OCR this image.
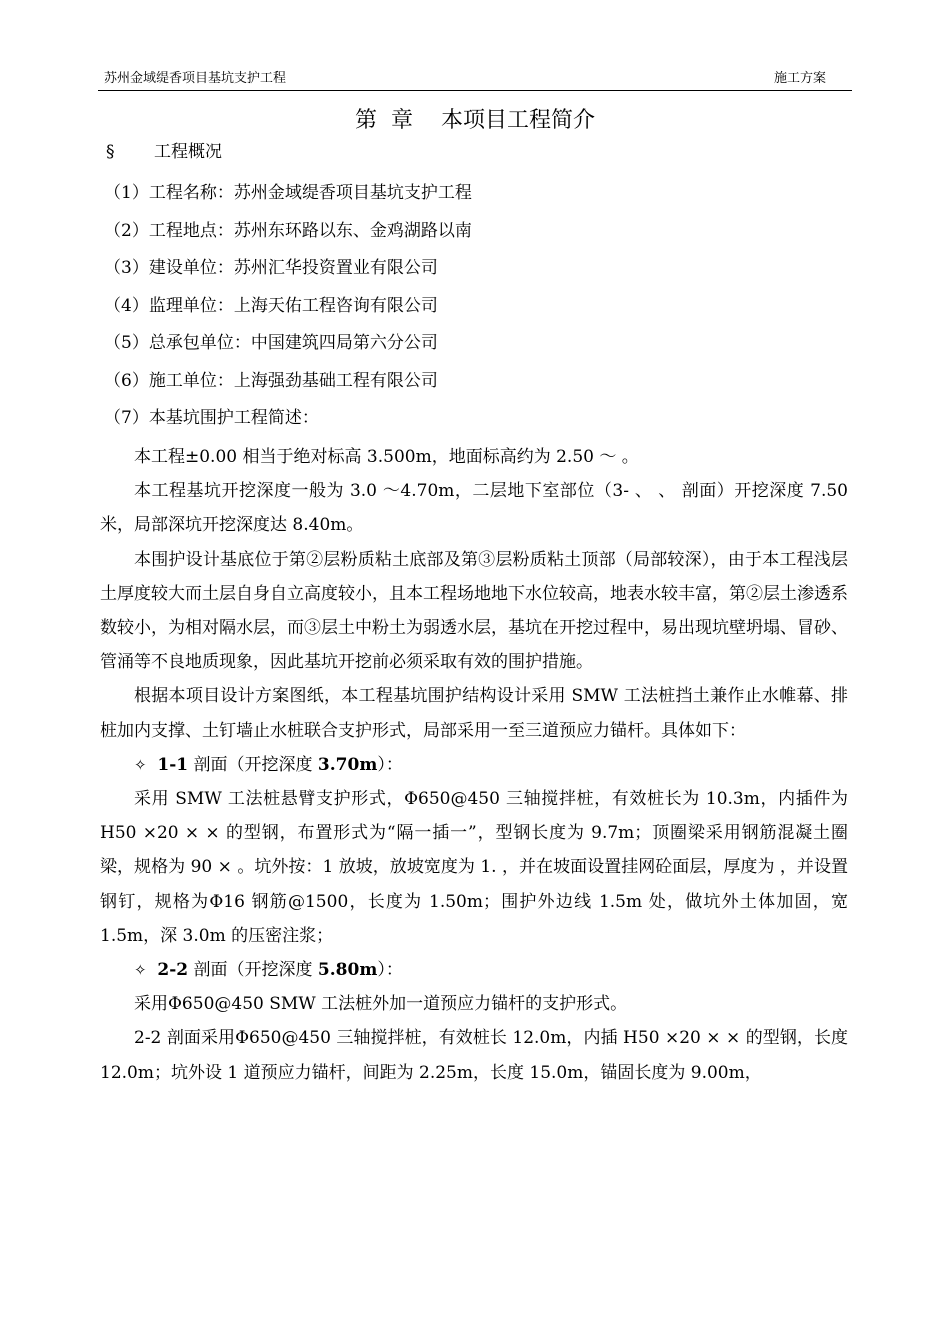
苏州金域缇香项目基坑支护工程	施工方案
第  章    本项目工程简介
§ 工程概况
（1）工程名称：苏州金域缇香项目基坑支护工程
（2）工程地点：苏州东环路以东、金鸡湖路以南
（3）建设单位：苏州汇华投资置业有限公司
（4）监理单位：上海天佑工程咨询有限公司
（5）总承包单位：中国建筑四局第六分公司
（6）施工单位：上海强劲基础工程有限公司
（7）本基坑围护工程简述：

本工程±0.00 相当于绝对标高 3.500m，地面标高约为 2.50 ～ 。

本工程基坑开挖深度一般为 3.0 ～4.70m，二层地下室部位（3- 、 、 剖面）开挖深度 7.50 米，局部深坑开挖深度达 8.40m。

本围护设计基底位于第②层粉质粘土底部及第③层粉质粘土顶部（局部较深），由于本工程浅层土厚度较大而土层自身自立高度较小，且本工程场地地下水位较高，地表水较丰富，第②层土渗透系数较小，为相对隔水层，而③层土中粉土为弱透水层，基坑在开挖过程中，易出现坑壁坍塌、冒砂、管涌等不良地质现象，因此基坑开挖前必须采取有效的围护措施。

根据本项目设计方案图纸，本工程基坑围护结构设计采用 SMW 工法桩挡土兼作止水帷幕、排桩加内支撑、土钉墙止水桩联合支护形式，局部采用一至三道预应力锚杆。具体如下：

✧ 1-1 剖面（开挖深度 3.70m）：

采用 SMW 工法桩悬臂支护形式，Φ650@450 三轴搅拌桩，有效桩长为 10.3m，内插件为 H50 ×20 × × 的型钢，布置形式为“隔一插一”，型钢长度为 9.7m；顶圈梁采用钢筋混凝土圈梁，规格为 90 × 。坑外按：1 放坡，放坡宽度为 1. ，并在坡面设置挂网砼面层，厚度为 ，并设置钢钉，规格为Φ16 钢筋@1500，长度为 1.50m；围护外边线 1.5m 处，做坑外土体加固，宽 1.5m，深 3.0m 的压密注浆；

✧ 2-2 剖面（开挖深度 5.80m）：

采用Φ650@450 SMW 工法桩外加一道预应力锚杆的支护形式。

2-2 剖面采用Φ650@450 三轴搅拌桩，有效桩长 12.0m，内插 H50 ×20 × × 的型钢，长度 12.0m；坑外设 1 道预应力锚杆，间距为 2.25m，长度 15.0m，锚固长度为 9.00m，
